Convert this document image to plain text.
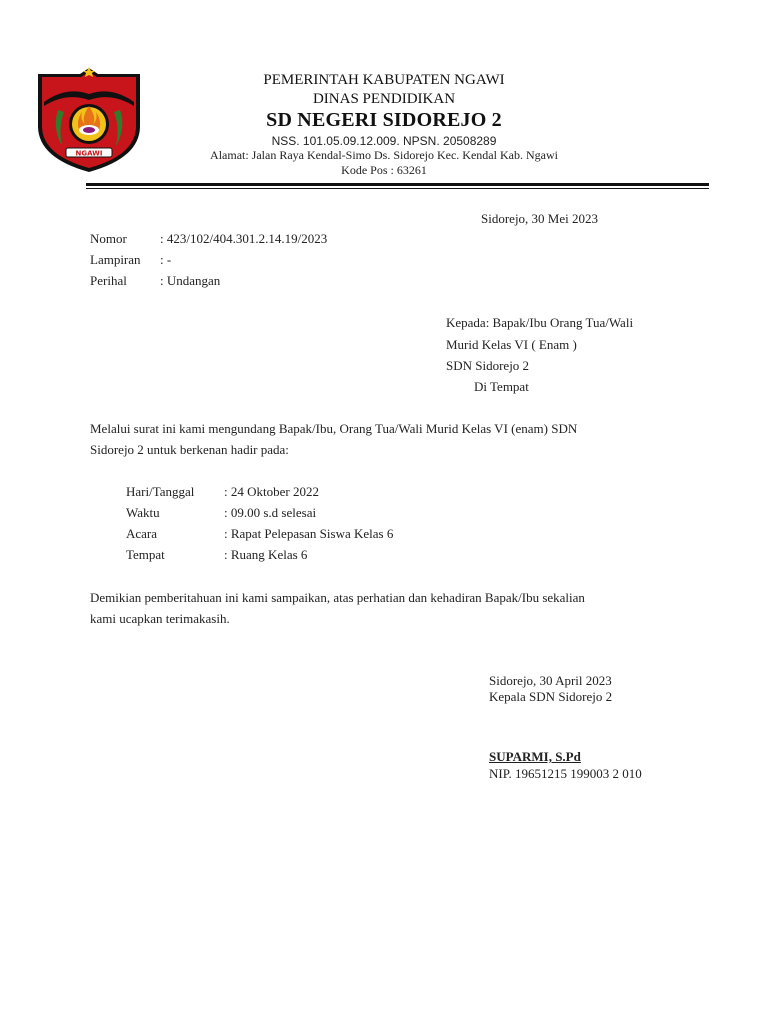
NGAWI
PEMERINTAH KABUPATEN NGAWI
DINAS PENDIDIKAN
SD NEGERI SIDOREJO 2
NSS. 101.05.09.12.009. NPSN. 20508289
Alamat: Jalan Raya Kendal-Simo Ds. Sidorejo Kec. Kendal Kab. Ngawi
Kode Pos : 63261
Sidorejo, 30 Mei 2023
Nomor	: 423/102/404.301.2.14.19/2023
Lampiran : -
Perihal	: Undangan
Kepada: Bapak/Ibu Orang Tua/Wali
Murid Kelas VI ( Enam )
SDN Sidorejo 2
Di Tempat
Melalui surat ini kami mengundang Bapak/Ibu, Orang Tua/Wali Murid Kelas VI (enam) SDN
Sidorejo 2 untuk berkenan hadir pada:
Hari/Tanggal : 24 Oktober 2022
Waktu	: 09.00 s.d selesai
Acara	: Rapat Pelepasan Siswa Kelas 6
Tempat	: Ruang Kelas 6
Demikian pemberitahuan ini kami sampaikan, atas perhatian dan kehadiran Bapak/Ibu sekalian
kami ucapkan terimakasih.
Sidorejo, 30 April 2023
Kepala SDN Sidorejo 2
SUPARMI, S.Pd
NIP. 19651215 199003 2 010
